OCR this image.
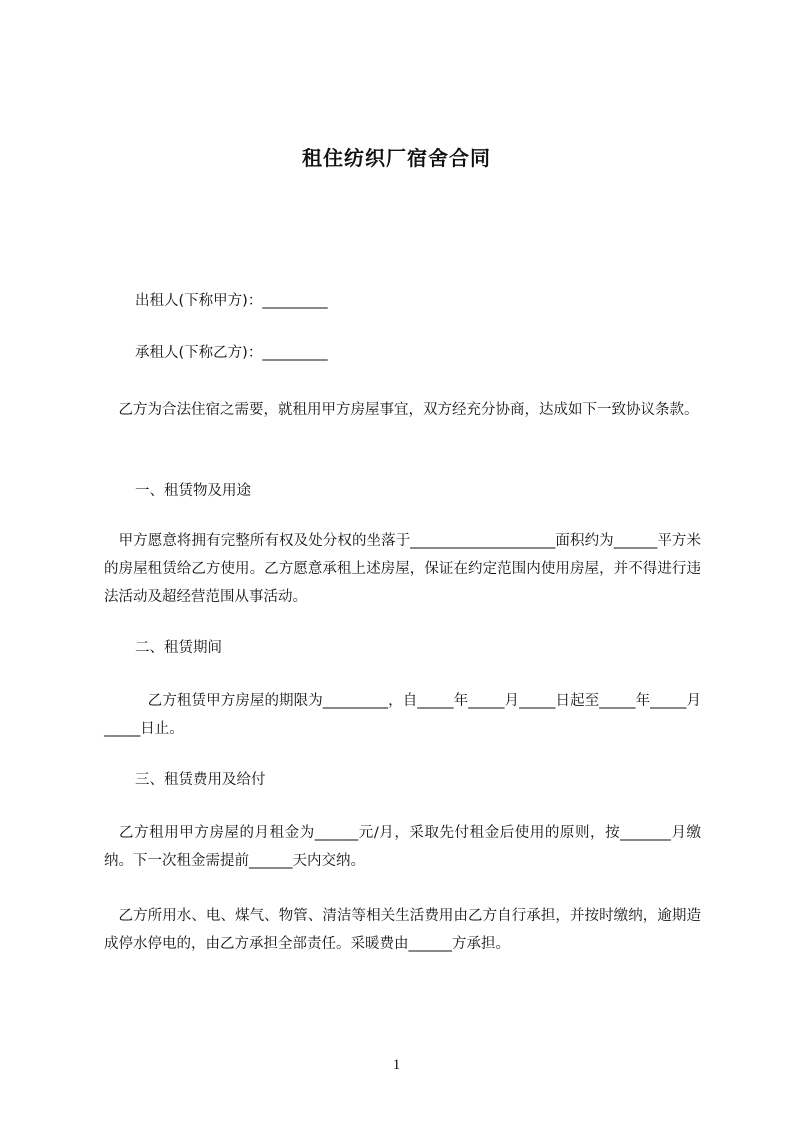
租住纺织厂宿舍合同
出租人(下称甲方)：_________
承租人(下称乙方)：_________
　乙方为合法住宿之需要，就租用甲方房屋事宜，双方经充分协商，达成如下一致协议条款。
一、租赁物及用途
　甲方愿意将拥有完整所有权及处分权的坐落于____________________面积约为______平方米的房屋租赁给乙方使用。乙方愿意承租上述房屋，保证在约定范围内使用房屋，并不得进行违法活动及超经营范围从事活动。
二、租赁期间
　　　乙方租赁甲方房屋的期限为_________，自_____年_____月_____日起至_____年_____月_____日止。
三、租赁费用及给付
　乙方租用甲方房屋的月租金为______元/月，采取先付租金后使用的原则，按_______月缴纳。下一次租金需提前______天内交纳。
　乙方所用水、电、煤气、物管、清洁等相关生活费用由乙方自行承担，并按时缴纳，逾期造成停水停电的，由乙方承担全部责任。采暖费由______方承担。
1
